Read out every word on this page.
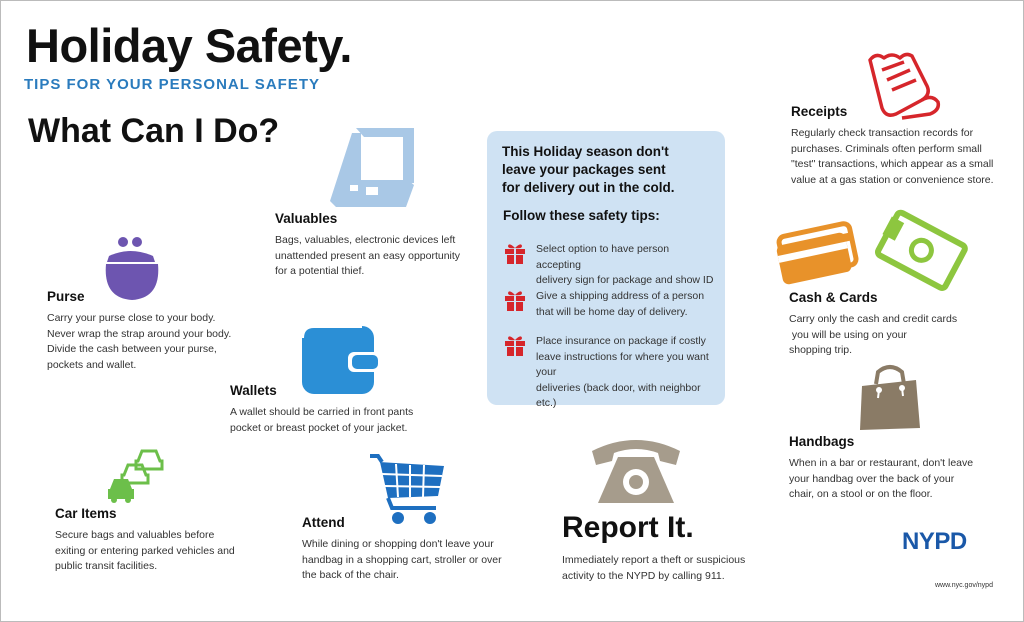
Holiday Safety.
TIPS FOR YOUR PERSONAL SAFETY
What Can I Do?
Valuables
Bags, valuables, electronic devices left
unattended present an easy opportunity
for a potential thief.
Purse
Carry your purse close to your body.
Never wrap the strap around your body.
Divide the cash between your purse,
pockets and wallet.
Wallets
A wallet should be carried in front pants
pocket or breast pocket of your jacket.
Car Items
Secure bags and valuables before
exiting or entering parked vehicles and
public transit facilities.
Attend
While dining or shopping don't leave your
handbag in a shopping cart, stroller or over
the back of the chair.
This Holiday season don't
leave your packages sent
for delivery out in the cold.
Follow these safety tips:
Select option to have person accepting
delivery sign for package and show ID
Give a shipping address of a person
that will be home day of delivery.
Place insurance on package if costly
leave instructions for where you want your
deliveries (back door, with neighbor etc.)
Report It.
Immediately report a theft or suspicious
activity to the NYPD by calling 911.
Receipts
Regularly check transaction records for
purchases. Criminals often perform small
"test" transactions, which appear as a small
value at a gas station or convenience store.
Cash & Cards
Carry only the cash and credit cards
you will be using on your
shopping trip.
Handbags
When in a bar or restaurant, don't leave
your handbag over the back of your
chair, on a stool or on the floor.
NYPD
www.nyc.gov/nypd
